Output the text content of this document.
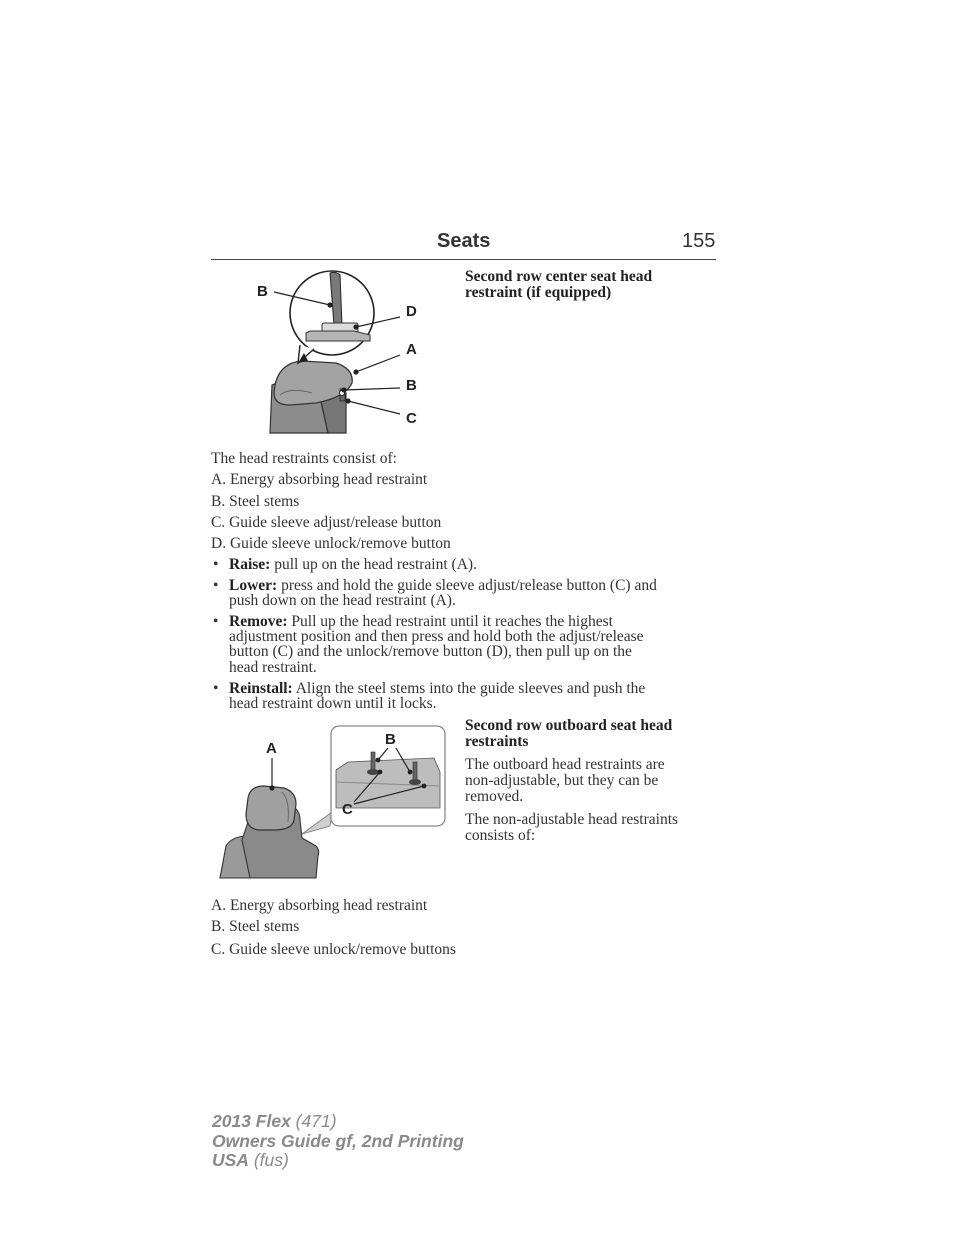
Seats	155
B
D
A
B
C
Second row center seat head
restraint (if equipped)
The head restraints consist of:
A. Energy absorbing head restraint
B. Steel stems
C. Guide sleeve adjust/release button
D. Guide sleeve unlock/remove button
• Raise: pull up on the head restraint (A).
• Lower: press and hold the guide sleeve adjust/release button (C) and
push down on the head restraint (A).
• Remove: Pull up the head restraint until it reaches the highest
adjustment position and then press and hold both the adjust/release
button (C) and the unlock/remove button (D), then pull up on the
head restraint.
• Reinstall: Align the steel stems into the guide sleeves and push the
head restraint down until it locks.
A
B
C
Second row outboard seat head
restraints
The outboard head restraints are
non-adjustable, but they can be
removed.
The non-adjustable head restraints
consists of:
A. Energy absorbing head restraint
B. Steel stems
C. Guide sleeve unlock/remove buttons
2013 Flex (471)
Owners Guide gf, 2nd Printing
USA (fus)
